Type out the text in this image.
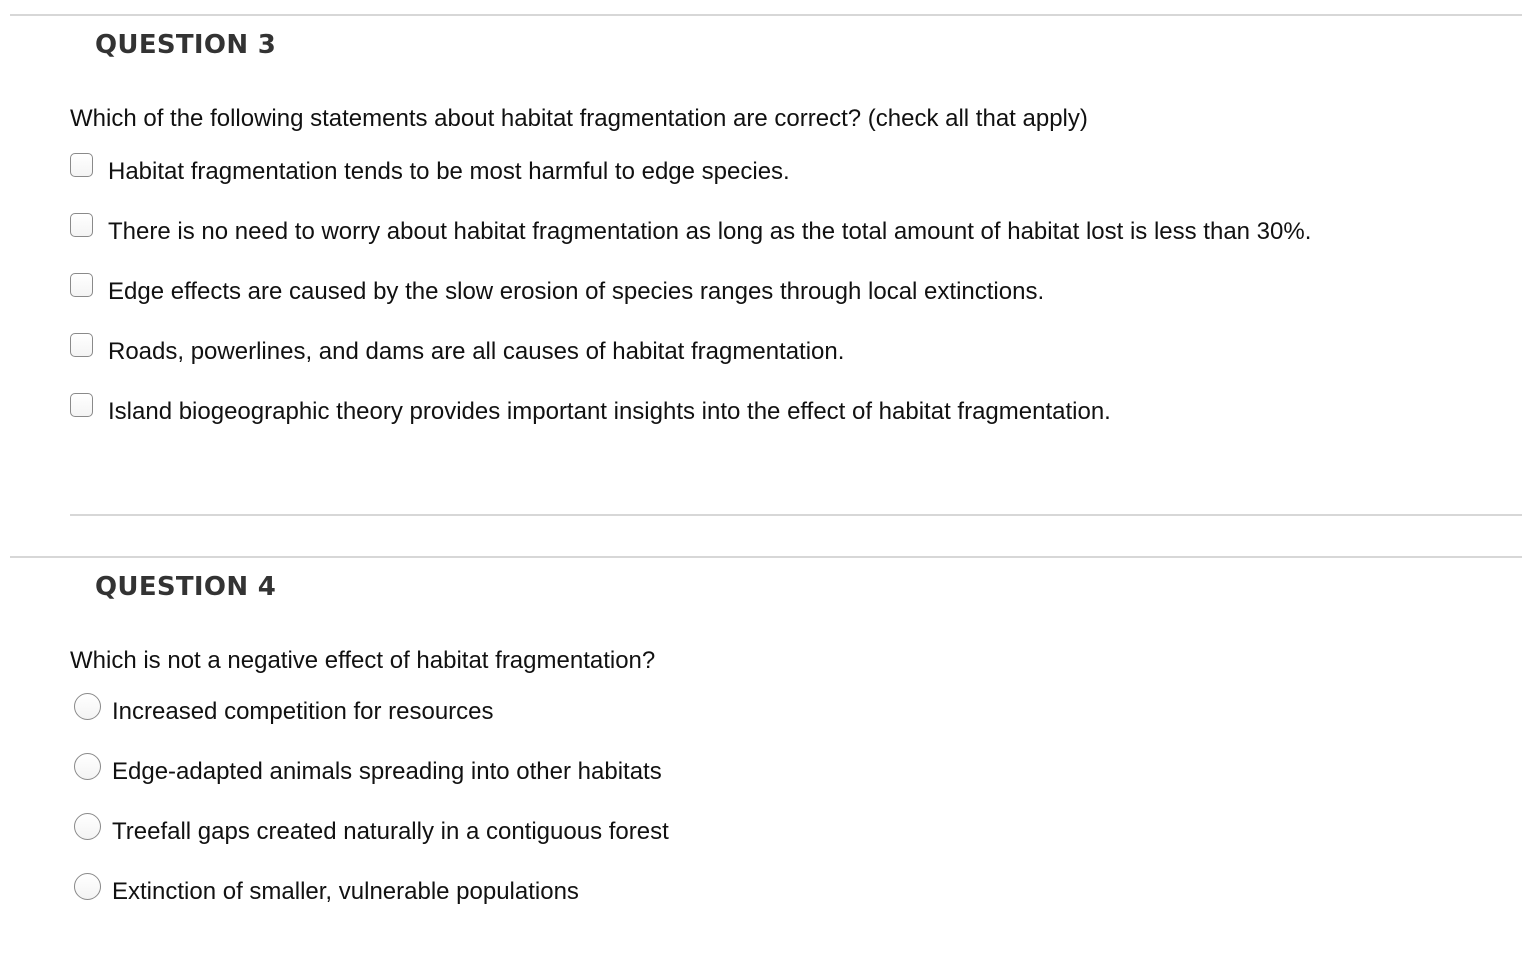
QUESTION 3
Which of the following statements about habitat fragmentation are correct? (check all that apply)
Habitat fragmentation tends to be most harmful to edge species.
There is no need to worry about habitat fragmentation as long as the total amount of habitat lost is less than 30%.
Edge effects are caused by the slow erosion of species ranges through local extinctions.
Roads, powerlines, and dams are all causes of habitat fragmentation.
Island biogeographic theory provides important insights into the effect of habitat fragmentation.
QUESTION 4
Which is not a negative effect of habitat fragmentation?
Increased competition for resources
Edge-adapted animals spreading into other habitats
Treefall gaps created naturally in a contiguous forest
Extinction of smaller, vulnerable populations
